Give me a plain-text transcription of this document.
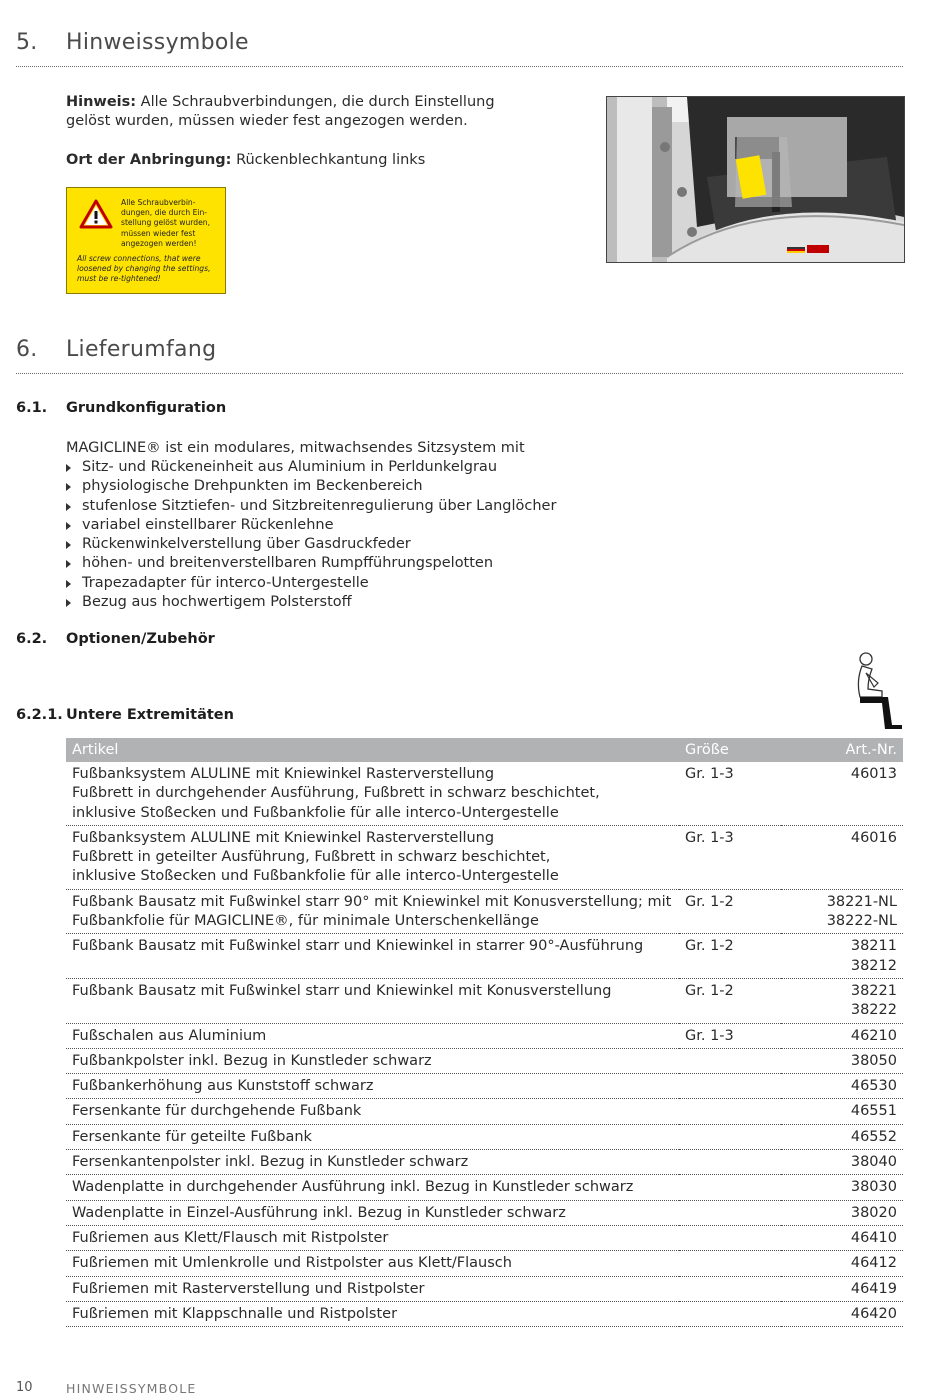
5. Hinweissymbole
Hinweis: Alle Schraubverbindungen, die durch Einstellung
gelöst wurden, müssen wieder fest angezogen werden.
Ort der Anbringung: Rückenblechkantung links
Alle Schraubverbin-
dungen, die durch Ein-
stellung gelöst wurden,
müssen wieder fest
angezogen werden!
All screw connections, that were
loosened by changing the settings,
must be re-tightened!
6. Lieferumfang
6.1. Grundkonfiguration
MAGICLINE® ist ein modulares, mitwachsendes Sitzsystem mit
Sitz- und Rückeneinheit aus Aluminium in Perldunkelgrau
physiologische Drehpunkten im Beckenbereich
stufenlose Sitztiefen- und Sitzbreitenregulierung über Langlöcher
variabel einstellbarer Rückenlehne
Rückenwinkelverstellung über Gasdruckfeder
höhen- und breitenverstellbaren Rumpfführungspelotten
Trapezadapter für interco-Untergestelle
Bezug aus hochwertigem Polsterstoff
6.2. Optionen/Zubehör
6.2.1. Untere Extremitäten
Artikel	Größe	Art.-Nr.

Fußbanksystem ALULINE mit Kniewinkel Rasterverstellung
Fußbrett in durchgehender Ausführung, Fußbrett in schwarz beschichtet,
inklusive Stoßecken und Fußbankfolie für alle interco-Untergestelle	Gr. 1-3	46013

Fußbanksystem ALULINE mit Kniewinkel Rasterverstellung
Fußbrett in geteilter Ausführung, Fußbrett in schwarz beschichtet,
inklusive Stoßecken und Fußbankfolie für alle interco-Untergestelle	Gr. 1-3	46016

Fußbank Bausatz mit Fußwinkel starr 90° mit Kniewinkel mit Konusverstellung; mit
Fußbankfolie für MAGICLINE®, für minimale Unterschenkellänge	Gr. 1-2	38221-NL
38222-NL

Fußbank Bausatz mit Fußwinkel starr und Kniewinkel in starrer 90°-Ausführung	Gr. 1-2	38211
38212

Fußbank Bausatz mit Fußwinkel starr und Kniewinkel mit Konusverstellung	Gr. 1-2	38221
38222

Fußschalen aus Aluminium	Gr. 1-3	46210

Fußbankpolster inkl. Bezug in Kunstleder schwarz		38050

Fußbankerhöhung aus Kunststoff schwarz		46530

Fersenkante für durchgehende Fußbank		46551

Fersenkante für geteilte Fußbank		46552

Fersenkantenpolster inkl. Bezug in Kunstleder schwarz		38040

Wadenplatte in durchgehender Ausführung inkl. Bezug in Kunstleder schwarz		38030

Wadenplatte in Einzel-Ausführung inkl. Bezug in Kunstleder schwarz		38020

Fußriemen aus Klett/Flausch mit Ristpolster		46410

Fußriemen mit Umlenkrolle und Ristpolster aus Klett/Flausch		46412

Fußriemen mit Rasterverstellung und Ristpolster		46419

Fußriemen mit Klappschnalle und Ristpolster		46420
10	HINWEISSYMBOLE
